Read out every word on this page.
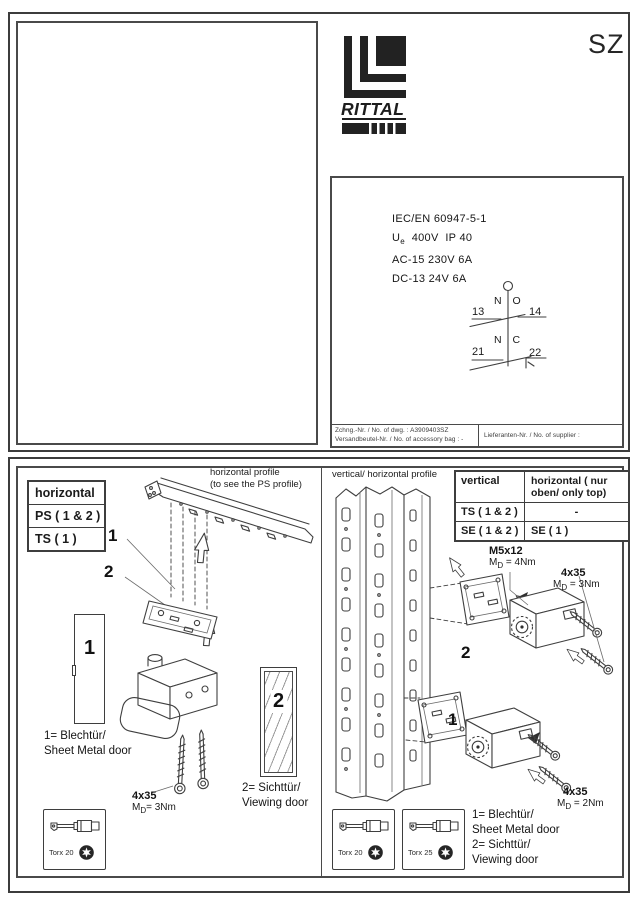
RITTAL
SZ
IEC/EN 60947-5-1
$U_e$  400V  IP 40
AC-15 230V 6A
DC-13 24V 6A
N O
13	14
N C
21	22
Zchng.-Nr. / No. of dwg. : A3909403SZ
Versandbeutel-Nr. / No. of accessory bag : -	Lieferanten-Nr. / No. of supplier :
horizontal
PS ( 1 & 2 )
TS ( 1 )
horizontal profile
(to see the PS profile)
1
2
1
1= Blechtür/
Sheet Metal door
2
2= Sichttür/
Viewing door
4x35
$M_D= 3Nm$
Torx 20
vertical/ horizontal profile
vertical	horizontal ( nur
oben/ only top)
TS ( 1 & 2 )	-
SE ( 1 & 2 )	SE ( 1 )
M5x12
$M_D = 4Nm$
4x35
$M_D = 3Nm$
4x35
$M_D = 2Nm$
2
1
Torx 20	Torx 25
1= Blechtür/
Sheet Metal door
2= Sichttür/
Viewing door
